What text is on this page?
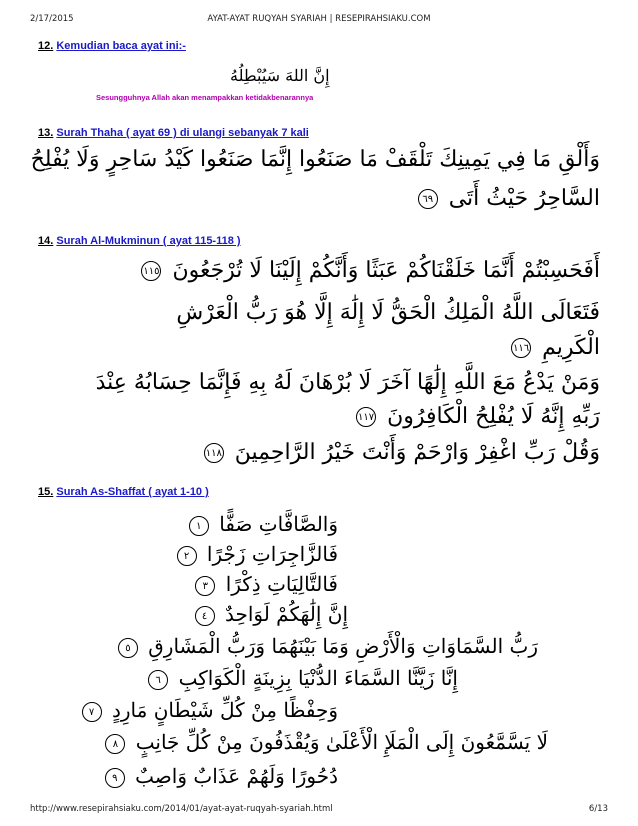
2/17/2015	AYAT-AYAT RUQYAH SYARIAH | RESEPIRAHSIAKU.COM
12. Kemudian baca ayat ini:-
إِنَّ اللهَ سَيُبْطِلُهُ
Sesungguhnya Allah akan menampakkan ketidakbenarannya
13. Surah Thaha ( ayat 69 ) di ulangi sebanyak 7 kali
وَأَلْقِ مَا فِي يَمِينِكَ تَلْقَفْ مَا صَنَعُوا إِنَّمَا صَنَعُوا كَيْدُ سَاحِرٍ وَلَا يُفْلِحُ
السَّاحِرُ حَيْثُ أَتَى ٦٩
14. Surah Al-Mukminun ( ayat 115-118 )
أَفَحَسِبْتُمْ أَنَّمَا خَلَقْنَاكُمْ عَبَثًا وَأَنَّكُمْ إِلَيْنَا لَا تُرْجَعُونَ ١١٥
فَتَعَالَى اللَّهُ الْمَلِكُ الْحَقُّ لَا إِلَٰهَ إِلَّا هُوَ رَبُّ الْعَرْشِ
الْكَرِيمِ ١١٦
وَمَنْ يَدْعُ مَعَ اللَّهِ إِلَٰهًا آخَرَ لَا بُرْهَانَ لَهُ بِهِ فَإِنَّمَا حِسَابُهُ عِنْدَ
رَبِّهِ إِنَّهُ لَا يُفْلِحُ الْكَافِرُونَ ١١٧
وَقُلْ رَبِّ اغْفِرْ وَارْحَمْ وَأَنْتَ خَيْرُ الرَّاحِمِينَ ١١٨
15. Surah As-Shaffat ( ayat 1-10 )
وَالصَّافَّاتِ صَفًّا ١
فَالزَّاجِرَاتِ زَجْرًا ٢
فَالتَّالِيَاتِ ذِكْرًا ٣
إِنَّ إِلَٰهَكُمْ لَوَاحِدٌ ٤
رَبُّ السَّمَاوَاتِ وَالْأَرْضِ وَمَا بَيْنَهُمَا وَرَبُّ الْمَشَارِقِ ٥
إِنَّا زَيَّنَّا السَّمَاءَ الدُّنْيَا بِزِينَةٍ الْكَوَاكِبِ ٦
وَحِفْظًا مِنْ كُلِّ شَيْطَانٍ مَارِدٍ ٧
لَا يَسَّمَّعُونَ إِلَى الْمَلَإِ الْأَعْلَىٰ وَيُقْذَفُونَ مِنْ كُلِّ جَانِبٍ ٨
دُحُورًا وَلَهُمْ عَذَابٌ وَاصِبٌ ٩
http://www.resepirahsiaku.com/2014/01/ayat-ayat-ruqyah-syariah.html	6/13
